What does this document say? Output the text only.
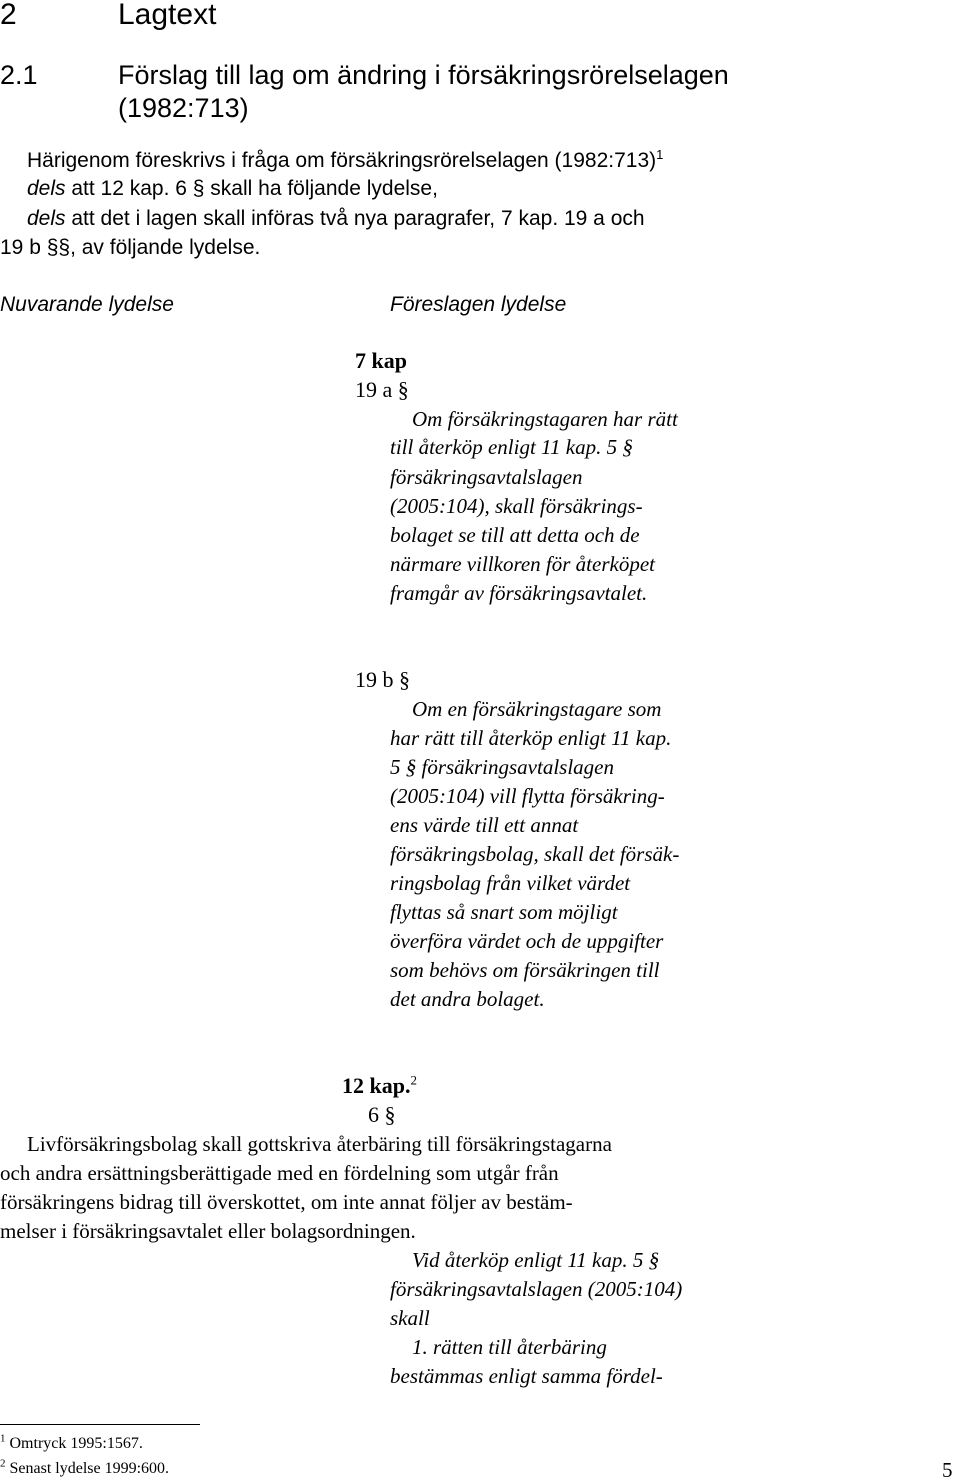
2	Lagtext
2.1	Förslag till lag om ändring i försäkringsrörelselagen
(1982:713)
Härigenom föreskrivs i fråga om försäkringsrörelselagen (1982:713)$^1$
dels att 12 kap. 6 § skall ha följande lydelse,
dels att det i lagen skall införas två nya paragrafer, 7 kap. 19 a och
19 b §§, av följande lydelse.
Nuvarande lydelse	Föreslagen lydelse
7 kap
19 a §
Om försäkringstagaren har rätt
till återköp enligt 11 kap. 5 §
försäkringsavtalslagen
(2005:104), skall försäkrings-
bolaget se till att detta och de
närmare villkoren för återköpet
framgår av försäkringsavtalet.
19 b §
Om en försäkringstagare som
har rätt till återköp enligt 11 kap.
5 § försäkringsavtalslagen
(2005:104) vill flytta försäkring-
ens värde till ett annat
försäkringsbolag, skall det försäk-
ringsbolag från vilket värdet
flyttas så snart som möjligt
överföra värdet och de uppgifter
som behövs om försäkringen till
det andra bolaget.
12 kap.$^2$
6 §
Livförsäkringsbolag skall gottskriva återbäring till försäkringstagarna
och andra ersättningsberättigade med en fördelning som utgår från
försäkringens bidrag till överskottet, om inte annat följer av bestäm-
melser i försäkringsavtalet eller bolagsordningen.
Vid återköp enligt 11 kap. 5 §
försäkringsavtalslagen (2005:104)
skall
1. rätten till återbäring
bestämmas enligt samma fördel-
$^1$ Omtryck 1995:1567.
$^2$ Senast lydelse 1999:600.	5
